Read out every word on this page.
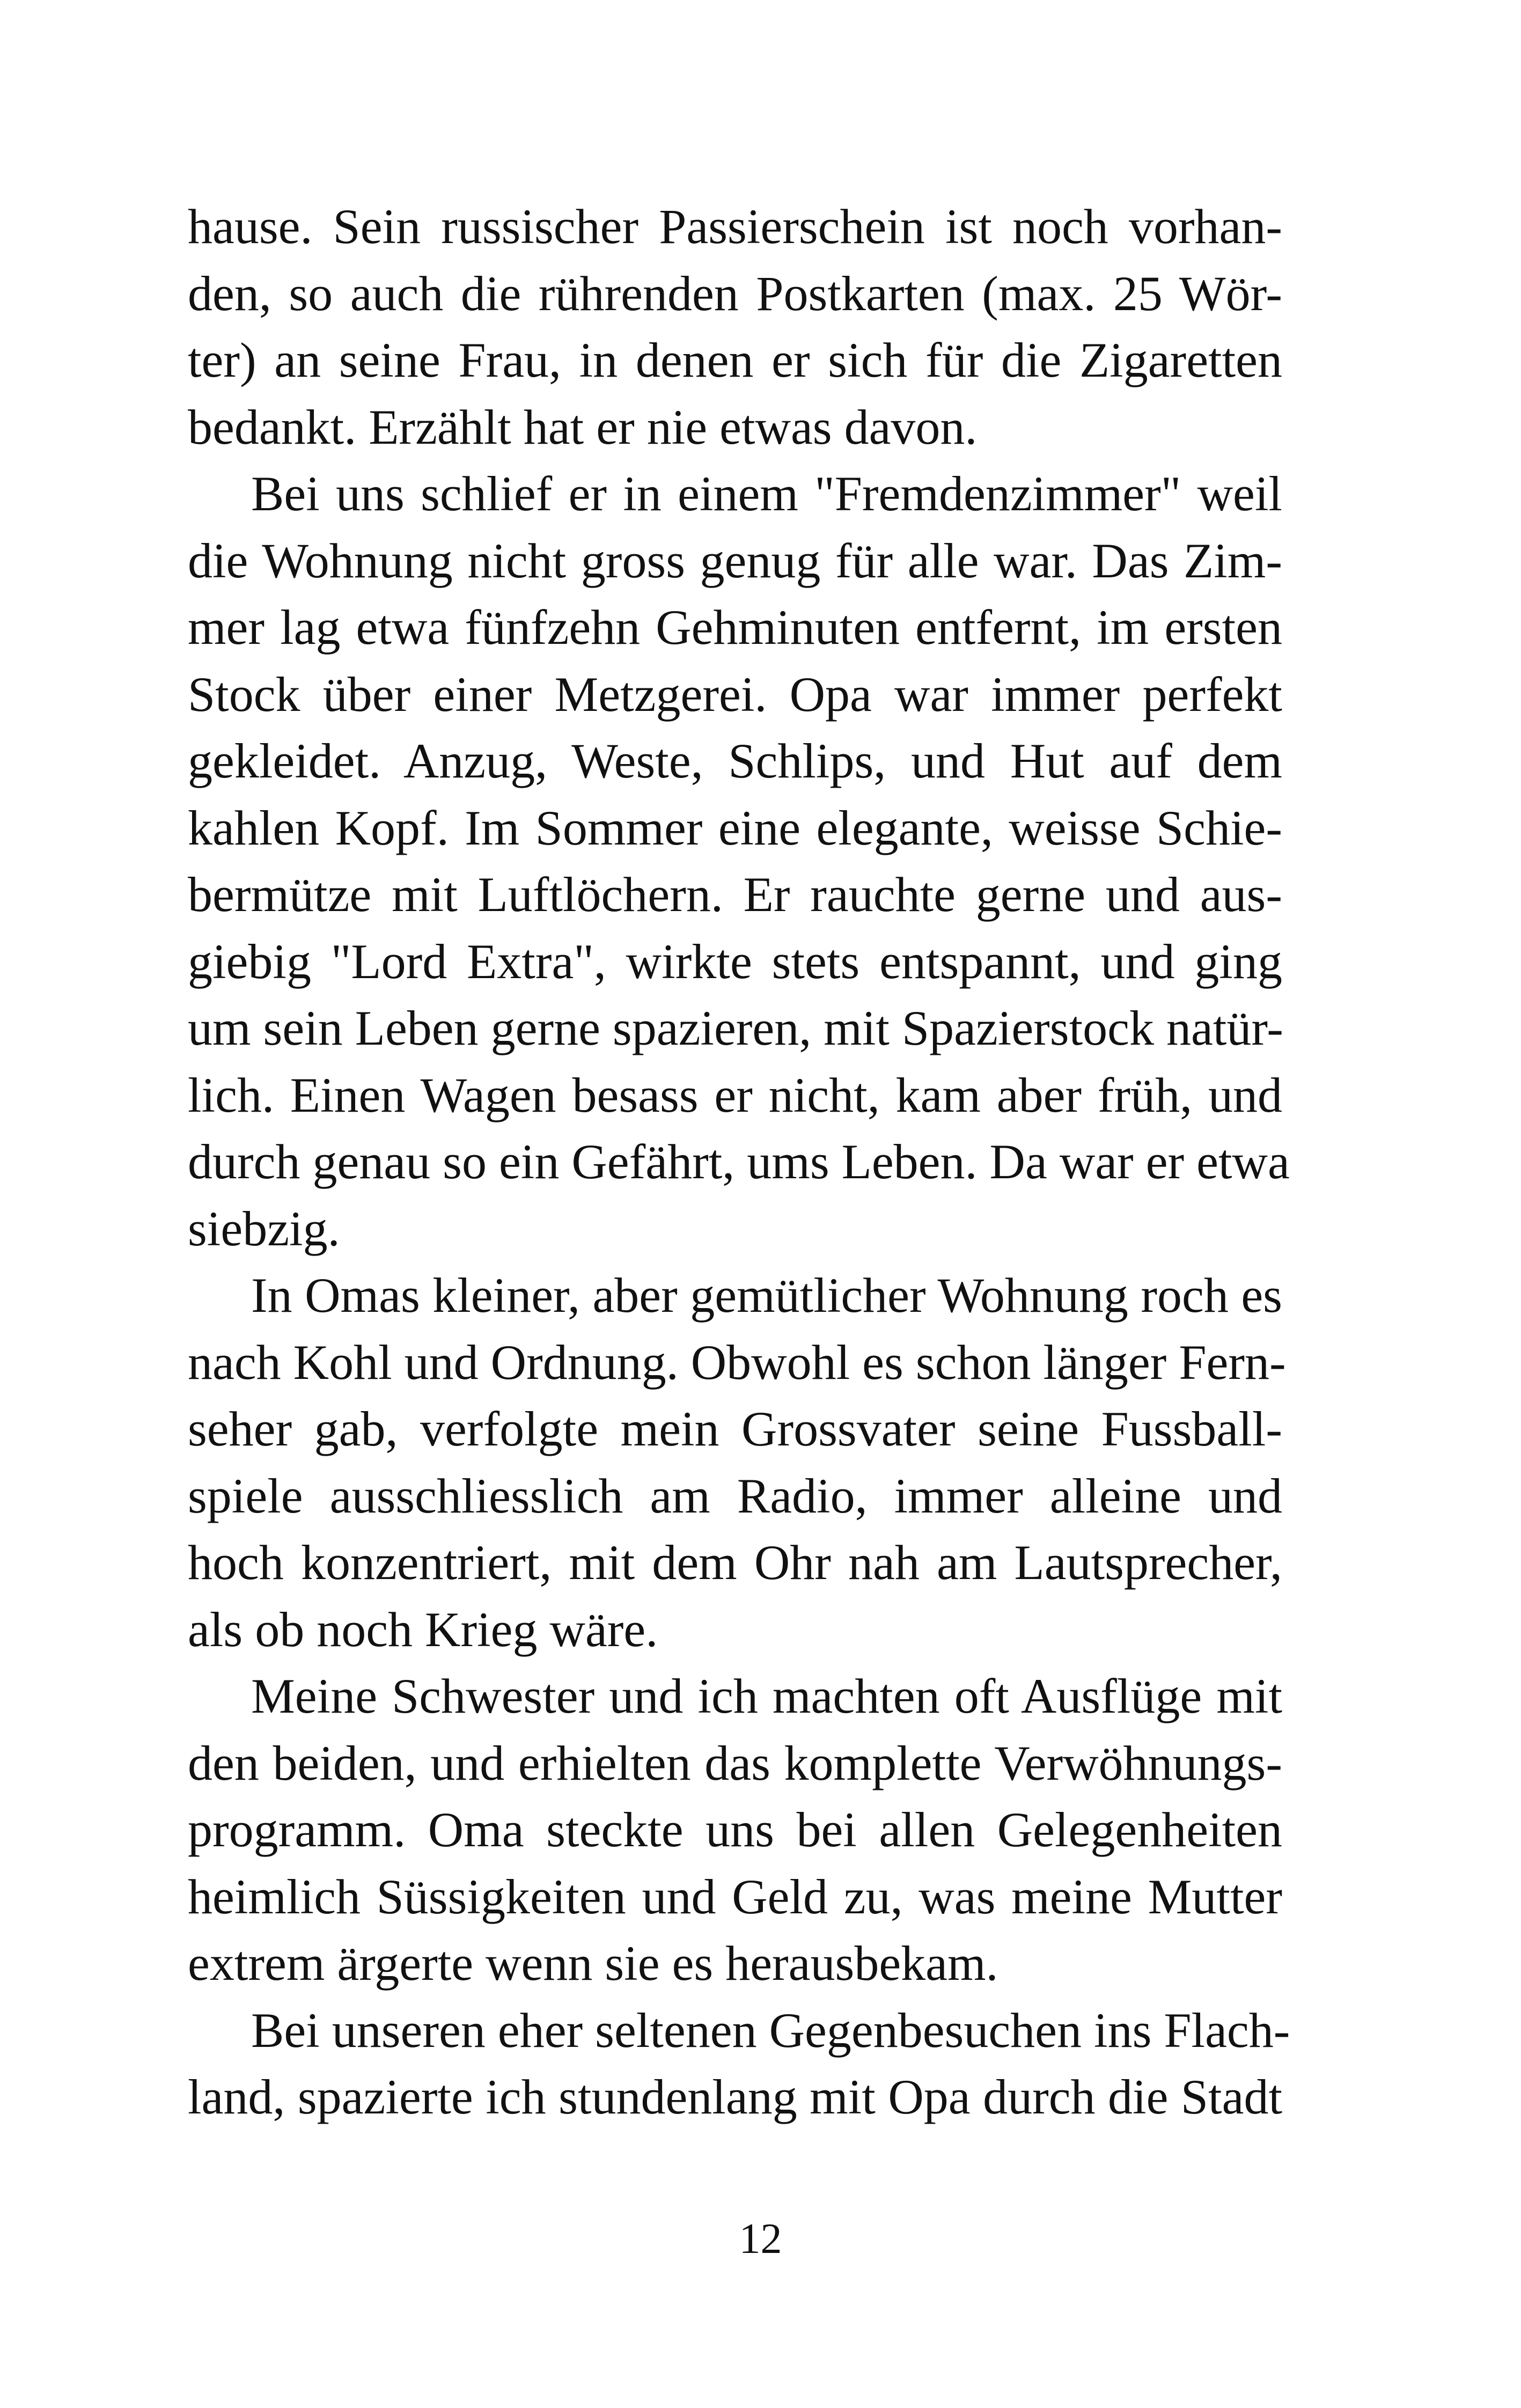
hause. Sein russischer Passierschein ist noch vorhan-
den, so auch die rührenden Postkarten (max. 25 Wör-
ter) an seine Frau, in denen er sich für die Zigaretten
bedankt. Erzählt hat er nie etwas davon.
Bei uns schlief er in einem "Fremdenzimmer" weil
die Wohnung nicht gross genug für alle war. Das Zim-
mer lag etwa fünfzehn Gehminuten entfernt, im ersten
Stock über einer Metzgerei. Opa war immer perfekt
gekleidet. Anzug, Weste, Schlips, und Hut auf dem
kahlen Kopf. Im Sommer eine elegante, weisse Schie-
bermütze mit Luftlöchern. Er rauchte gerne und aus-
giebig "Lord Extra", wirkte stets entspannt, und ging
um sein Leben gerne spazieren, mit Spazierstock natür-
lich. Einen Wagen besass er nicht, kam aber früh, und
durch genau so ein Gefährt, ums Leben. Da war er etwa
siebzig.
In Omas kleiner, aber gemütlicher Wohnung roch es
nach Kohl und Ordnung. Obwohl es schon länger Fern-
seher gab, verfolgte mein Grossvater seine Fussball-
spiele ausschliesslich am Radio, immer alleine und
hoch konzentriert, mit dem Ohr nah am Lautsprecher,
als ob noch Krieg wäre.
Meine Schwester und ich machten oft Ausflüge mit
den beiden, und erhielten das komplette Verwöhnungs-
programm. Oma steckte uns bei allen Gelegenheiten
heimlich Süssigkeiten und Geld zu, was meine Mutter
extrem ärgerte wenn sie es herausbekam.
Bei unseren eher seltenen Gegenbesuchen ins Flach-
land, spazierte ich stundenlang mit Opa durch die Stadt
12
